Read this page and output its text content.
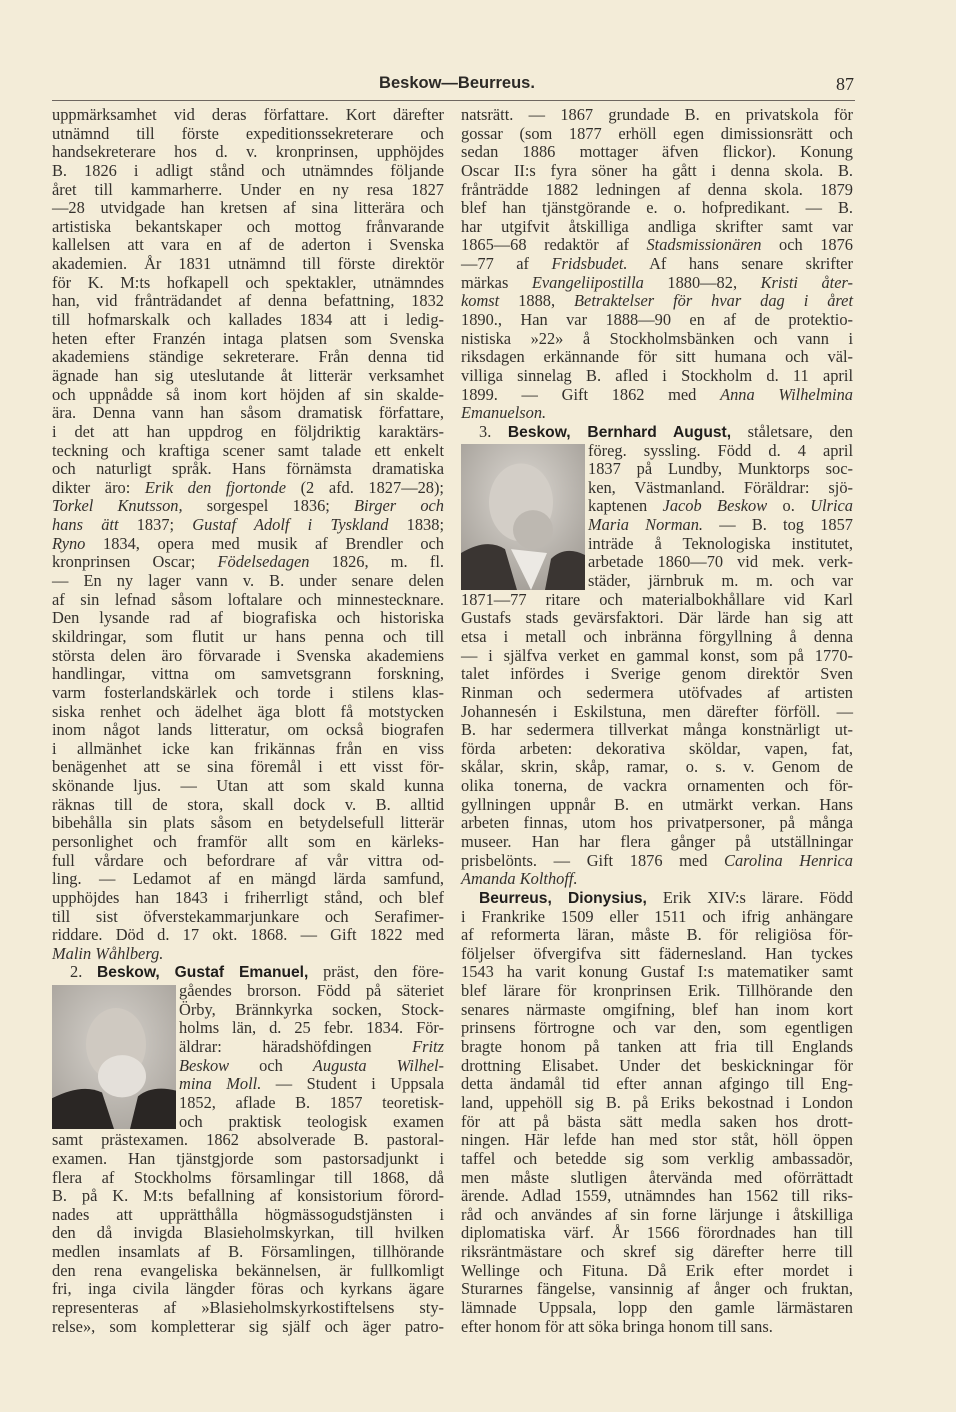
Beskow—Beurreus.	87
uppmärksamhet vid deras författare. Kort därefter
utnämnd till förste expeditionssekreterare och
handsekreterare hos d. v. kronprinsen, upphöjdes
B. 1826 i adligt stånd och utnämndes följande
året till kammarherre. Under en ny resa 1827
—28 utvidgade han kretsen af sina litterära och
artistiska bekantskaper och mottog frånvarande
kallelsen att vara en af de aderton i Svenska
akademien. År 1831 utnämnd till förste direktör
för K. M:ts hofkapell och spektakler, utnämndes
han, vid frånträdandet af denna befattning, 1832
till hofmarskalk och kallades 1834 att i ledig-
heten efter Franzén intaga platsen som Svenska
akademiens ständige sekreterare. Från denna tid
ägnade han sig uteslutande åt litterär verksamhet
och uppnådde så inom kort höjden af sin skalde-
ära. Denna vann han såsom dramatisk författare,
i det att han uppdrog en följdriktig karaktärs-
teckning och kraftiga scener samt talade ett enkelt
och naturligt språk. Hans förnämsta dramatiska
dikter äro: Erik den fjortonde (2 afd. 1827—28);
Torkel Knutsson, sorgespel 1836; Birger och
hans ätt 1837; Gustaf Adolf i Tyskland 1838;
Ryno 1834, opera med musik af Brendler och
kronprinsen Oscar; Födelsedagen 1826, m. fl.
— En ny lager vann v. B. under senare delen
af sin lefnad såsom loftalare och minnestecknare.
Den lysande rad af biografiska och historiska
skildringar, som flutit ur hans penna och till
största delen äro förvarade i Svenska akademiens
handlingar, vittna om samvetsgrann forskning,
varm fosterlandskärlek och torde i stilens klas-
siska renhet och ädelhet äga blott få motstycken
inom något lands litteratur, om också biografen
i allmänhet icke kan frikännas från en viss
benägenhet att se sina föremål i ett visst för-
skönande ljus. — Utan att som skald kunna
räknas till de stora, skall dock v. B. alltid
bibehålla sin plats såsom en betydelsefull litterär
personlighet och framför allt som en kärleks-
full vårdare och befordrare af vår vittra od-
ling. — Ledamot af en mängd lärda samfund,
upphöjdes han 1843 i friherrligt stånd, och blef
till sist öfverstekammarjunkare och Serafimer-
riddare. Död d. 17 okt. 1868. — Gift 1822 med
Malin Wåhlberg.
2. Beskow, Gustaf Emanuel, präst, den före-
gåendes brorson. Född på säteriet
Örby, Brännkyrka socken, Stock-
holms län, d. 25 febr. 1834. För-
äldrar: häradshöfdingen Fritz
Beskow och Augusta Wilhel-
mina Moll. — Student i Uppsala
1852, aflade B. 1857 teoretisk-
och praktisk teologisk examen
samt prästexamen. 1862 absolverade B. pastoral-
examen. Han tjänstgjorde som pastorsadjunkt i
flera af Stockholms församlingar till 1868, då
B. på K. M:ts befallning af konsistorium förord-
nades att upprätthålla högmässogudstjänsten i
den då invigda Blasieholmskyrkan, till hvilken
medlen insamlats af B. Församlingen, tillhörande
den rena evangeliska bekännelsen, är fullkomligt
fri, inga civila längder föras och kyrkans ägare
representeras af »Blasieholmskyrkostiftelsens sty-
relse», som kompletterar sig själf och äger patro-
natsrätt. — 1867 grundade B. en privatskola för
gossar (som 1877 erhöll egen dimissionsrätt och
sedan 1886 mottager äfven flickor). Konung
Oscar II:s fyra söner ha gått i denna skola. B.
frånträdde 1882 ledningen af denna skola. 1879
blef han tjänstgörande e. o. hofpredikant. — B.
har utgifvit åtskilliga andliga skrifter samt var
1865—68 redaktör af Stadsmissionären och 1876
—77 af Fridsbudet. Af hans senare skrifter
märkas Evangeliipostilla 1880—82, Kristi åter-
komst 1888, Betraktelser för hvar dag i året
1890., Han var 1888—90 en af de protektio-
nistiska »22» å Stockholmsbänken och vann i
riksdagen erkännande för sitt humana och väl-
villiga sinnelag B. afled i Stockholm d. 11 april
1899. — Gift 1862 med Anna Wilhelmina
Emanuelson.
3. Beskow, Bernhard August, ståletsare, den
föreg. syssling. Född d. 4 april
1837 på Lundby, Munktorps soc-
ken, Västmanland. Föräldrar: sjö-
kaptenen Jacob Beskow o. Ulrica
Maria Norman. — B. tog 1857
inträde å Teknologiska institutet,
arbetade 1860—70 vid mek. verk-
städer, järnbruk m. m. och var
1871—77 ritare och materialbokhållare vid Karl
Gustafs stads gevärsfaktori. Där lärde han sig att
etsa i metall och inbränna förgyllning å denna
— i själfva verket en gammal konst, som på 1770-
talet infördes i Sverige genom direktör Sven
Rinman och sedermera utöfvades af artisten
Johannesén i Eskilstuna, men därefter förföll. —
B. har sedermera tillverkat många konstnärligt ut-
förda arbeten: dekorativa sköldar, vapen, fat,
skålar, skrin, skåp, ramar, o. s. v. Genom de
olika tonerna, de vackra ornamenten och för-
gyllningen uppnår B. en utmärkt verkan. Hans
arbeten finnas, utom hos privatpersoner, på många
museer. Han har flera gånger på utställningar
prisbelönts. — Gift 1876 med Carolina Henrica
Amanda Kolthoff.
Beurreus, Dionysius, Erik XIV:s lärare. Född
i Frankrike 1509 eller 1511 och ifrig anhängare
af reformerta läran, måste B. för religiösa för-
följelser öfvergifva sitt fädernesland. Han tyckes
1543 ha varit konung Gustaf I:s matematiker samt
blef lärare för kronprinsen Erik. Tillhörande den
senares närmaste omgifning, blef han inom kort
prinsens förtrogne och var den, som egentligen
bragte honom på tanken att fria till Englands
drottning Elisabet. Under det beskickningar för
detta ändamål tid efter annan afgingo till Eng-
land, uppehöll sig B. på Eriks bekostnad i London
för att på bästa sätt medla saken hos drott-
ningen. Här lefde han med stor ståt, höll öppen
taffel och betedde sig som verklig ambassadör,
men måste slutligen återvända med oförrättadt
ärende. Adlad 1559, utnämndes han 1562 till riks-
råd och användes af sin forne lärjunge i åtskilliga
diplomatiska värf. År 1566 förordnades han till
riksräntmästare och skref sig därefter herre till
Wellinge och Fituna. Då Erik efter mordet i
Sturarnes fängelse, vansinnig af ånger och fruktan,
lämnade Uppsala, lopp den gamle lärmästaren
efter honom för att söka bringa honom till sans.
